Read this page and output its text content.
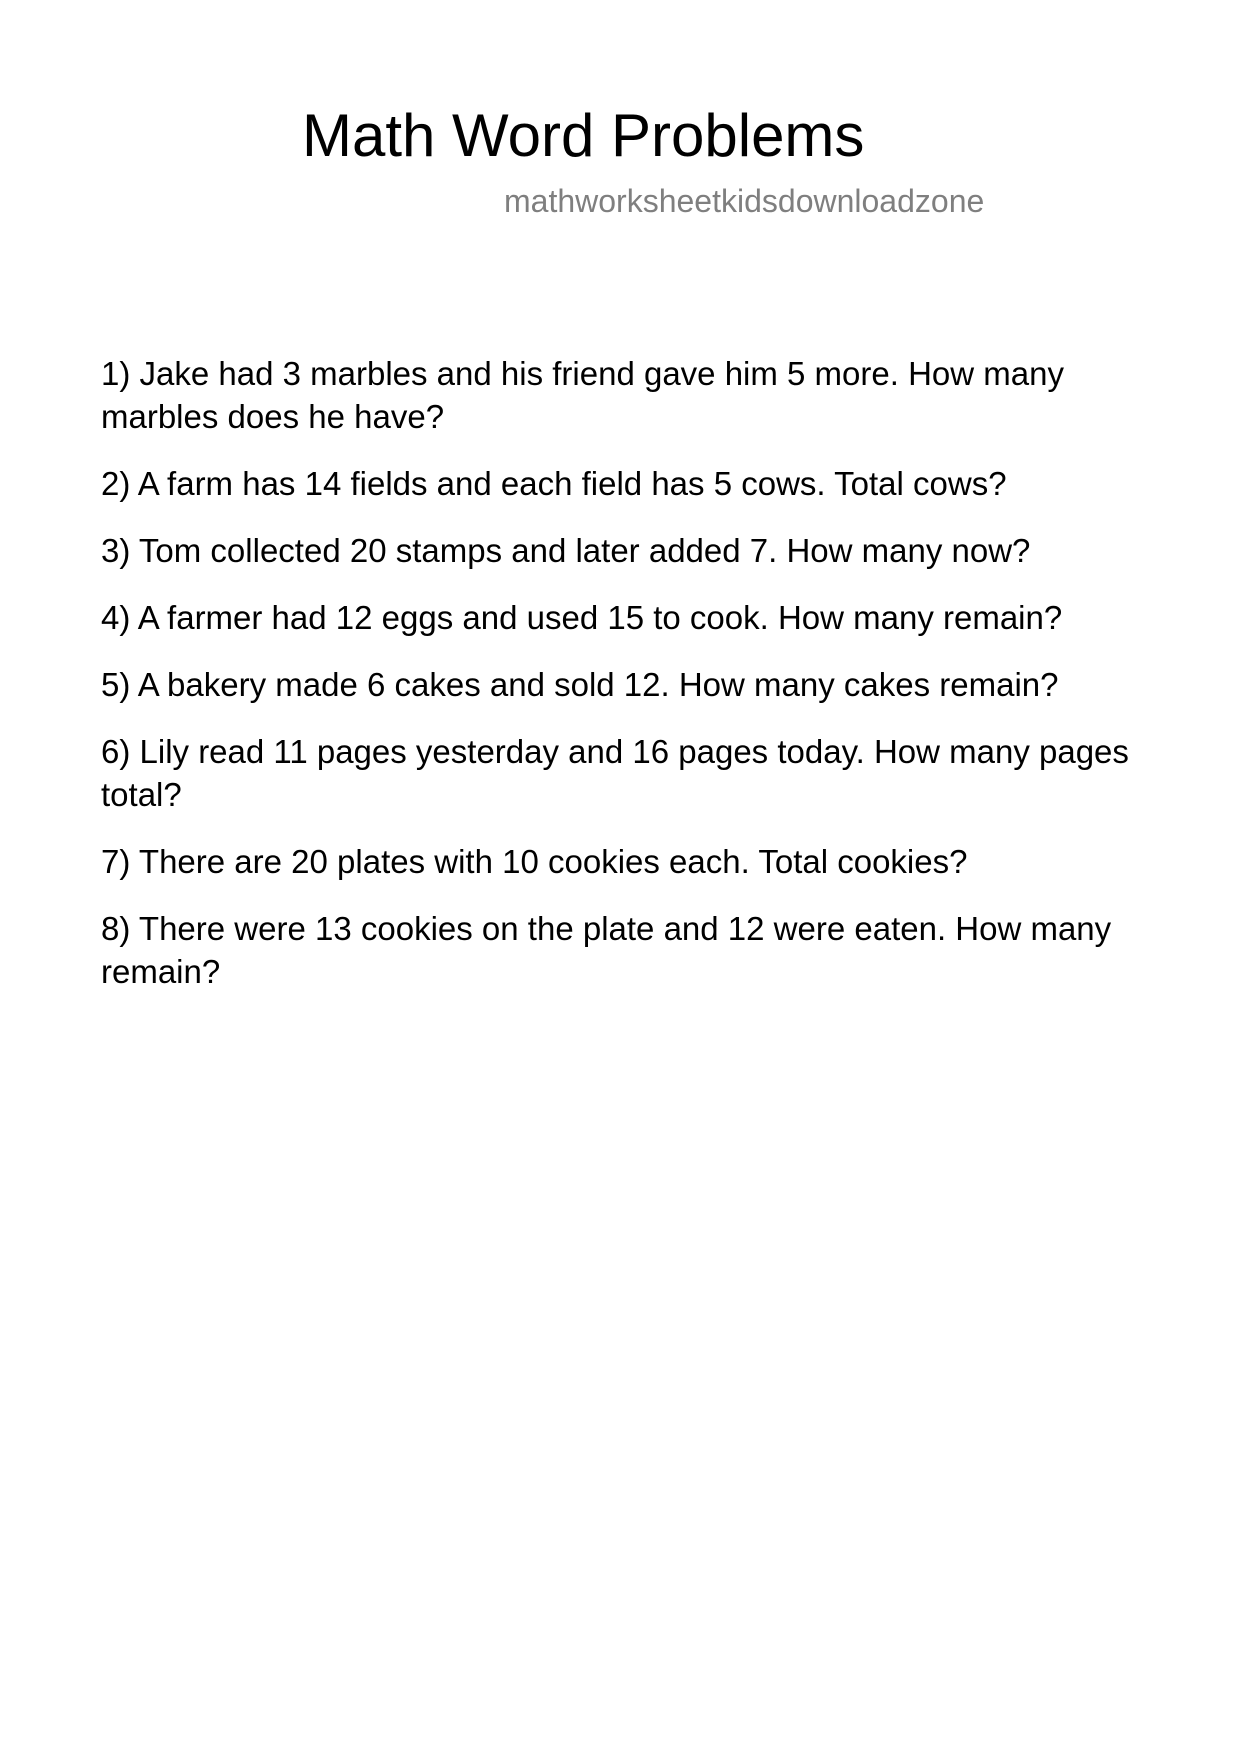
Math Word Problems
mathworksheetkidsdownloadzone
1) Jake had 3 marbles and his friend gave him 5 more. How many marbles does he have?
2) A farm has 14 fields and each field has 5 cows. Total cows?
3) Tom collected 20 stamps and later added 7. How many now?
4) A farmer had 12 eggs and used 15 to cook. How many remain?
5) A bakery made 6 cakes and sold 12. How many cakes remain?
6) Lily read 11 pages yesterday and 16 pages today. How many pages total?
7) There are 20 plates with 10 cookies each. Total cookies?
8) There were 13 cookies on the plate and 12 were eaten. How many remain?
